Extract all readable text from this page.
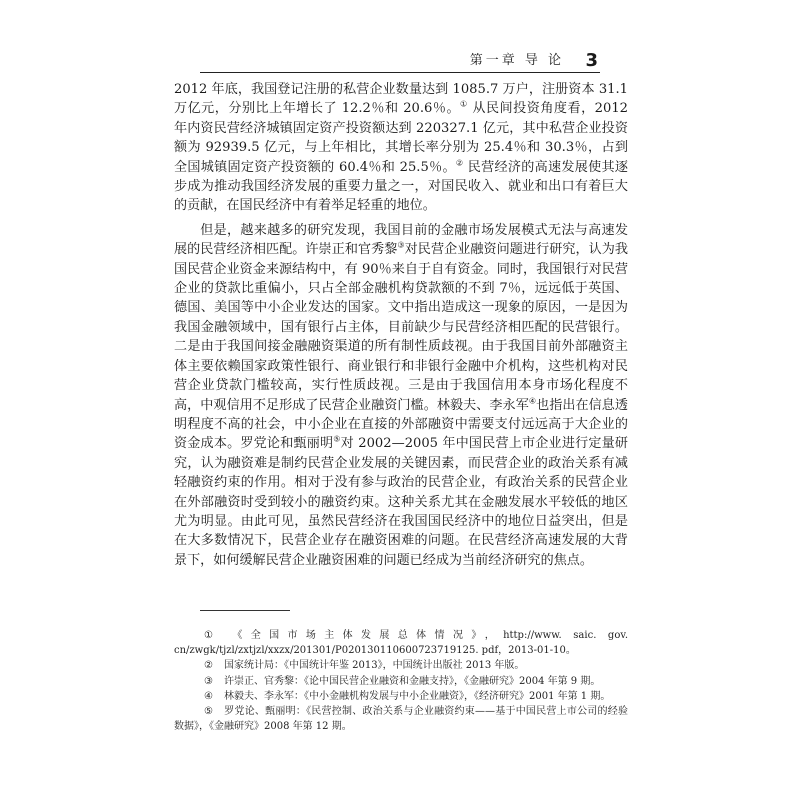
第一章 导 论 3

2012 年底，我国登记注册的私营企业数量达到 1085.7 万户，注册资本 31.1 万亿元，分别比上年增长了 12.2％和 20.6％。① 从民间投资角度看，2012 年内资民营经济城镇固定资产投资额达到 220327.1 亿元，其中私营企业投资额为 92939.5 亿元，与上年相比，其增长率分别为 25.4％和 30.3％，占到全国城镇固定资产投资额的 60.4％和 25.5％。② 民营经济的高速发展使其逐步成为推动我国经济发展的重要力量之一，对国民收入、就业和出口有着巨大的贡献，在国民经济中有着举足轻重的地位。

但是，越来越多的研究发现，我国目前的金融市场发展模式无法与高速发展的民营经济相匹配。许崇正和官秀黎③对民营企业融资问题进行研究，认为我国民营企业资金来源结构中，有 90％来自于自有资金。同时，我国银行对民营企业的贷款比重偏小，只占全部金融机构贷款额的不到 7％，远远低于英国、德国、美国等中小企业发达的国家。文中指出造成这一现象的原因，一是因为我国金融领域中，国有银行占主体，目前缺少与民营经济相匹配的民营银行。二是由于我国间接金融融资渠道的所有制性质歧视。由于我国目前外部融资主体主要依赖国家政策性银行、商业银行和非银行金融中介机构，这些机构对民营企业贷款门槛较高，实行性质歧视。三是由于我国信用本身市场化程度不高，中观信用不足形成了民营企业融资门槛。林毅夫、李永军④也指出在信息透明程度不高的社会，中小企业在直接的外部融资中需要支付远远高于大企业的资金成本。罗党论和甄丽明⑤对 2002—2005 年中国民营上市企业进行定量研究，认为融资难是制约民营企业发展的关键因素，而民营企业的政治关系有减轻融资约束的作用。相对于没有参与政治的民营企业，有政治关系的民营企业在外部融资时受到较小的融资约束。这种关系尤其在金融发展水平较低的地区尤为明显。由此可见，虽然民营经济在我国国民经济中的地位日益突出，但是在大多数情况下，民营企业存在融资困难的问题。在民营经济高速发展的大背景下，如何缓解民营企业融资困难的问题已经成为当前经济研究的焦点。

① 《全国市场主体发展总体情况》，http://www. saic. gov. cn/zwgk/tjzl/zxtjzl/xxzx/201301/P020130110600723719125. pdf，2013-01-10。

② 国家统计局：《中国统计年鉴 2013》，中国统计出版社 2013 年版。

③ 许崇正、官秀黎：《论中国民营企业融资和金融支持》，《金融研究》2004 年第 9 期。

④ 林毅夫、李永军：《中小金融机构发展与中小企业融资》，《经济研究》2001 年第 1 期。

⑤ 罗党论、甄丽明：《民营控制、政治关系与企业融资约束——基于中国民营上市公司的经验数据》，《金融研究》2008 年第 12 期。
